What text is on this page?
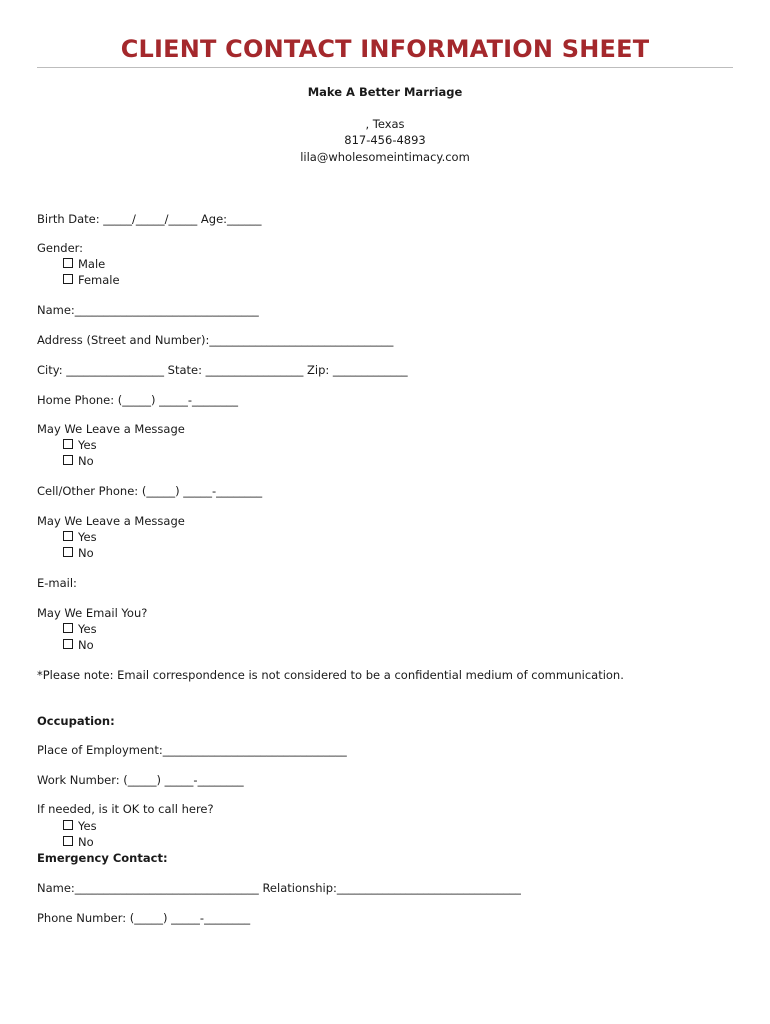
CLIENT CONTACT INFORMATION SHEET
Make A Better Marriage
, Texas
817-456-4893
lila@wholesomeintimacy.com
Birth Date: _____/_____/_____ Age:______
Gender:
Male
Female
Name:________________________________
Address (Street and Number):________________________________
City: _________________ State: _________________ Zip: _____________
Home Phone: (_____) _____-________
May We Leave a Message
Yes
No
Cell/Other Phone: (_____) _____-________
May We Leave a Message
Yes
No
E-mail:
May We Email You?
Yes
No
*Please note: Email correspondence is not considered to be a confidential medium of communication.
Occupation:
Place of Employment:________________________________
Work Number: (_____) _____-________
If needed, is it OK to call here?
Yes
No
Emergency Contact:
Name:________________________________ Relationship:________________________________
Phone Number: (_____) _____-________
